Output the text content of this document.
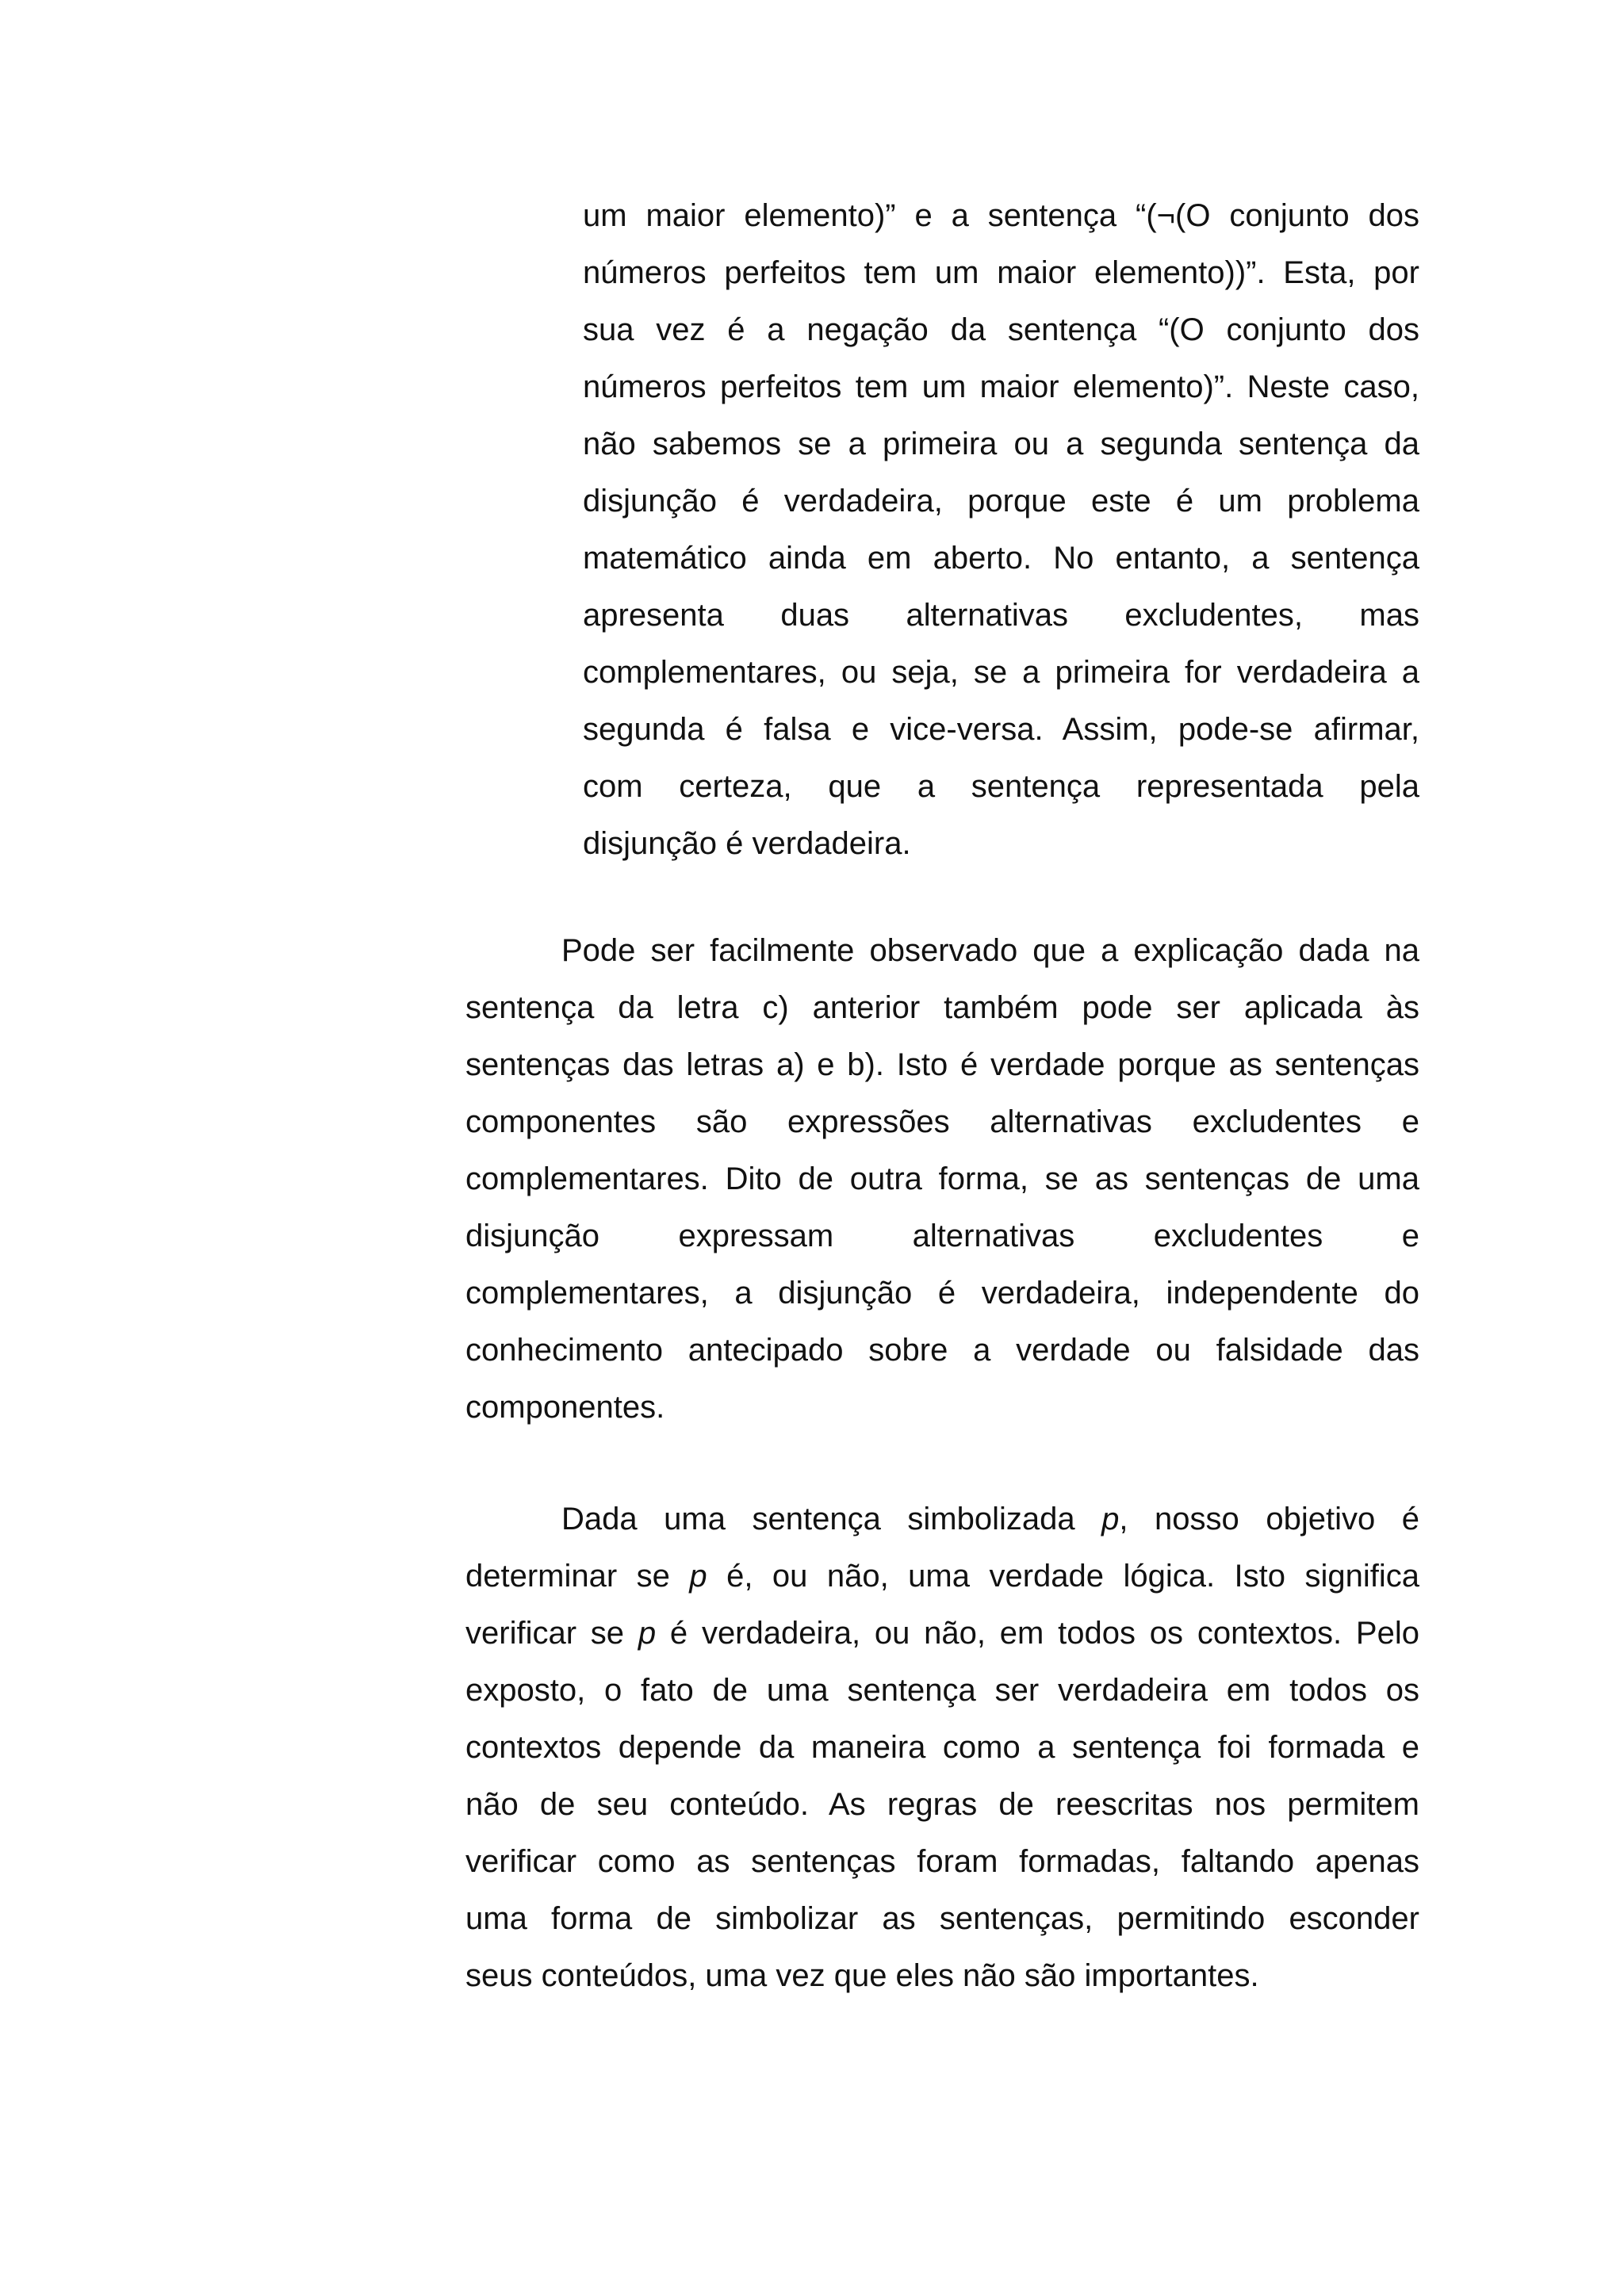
um maior elemento)” e a sentença “(¬(O conjunto dos
números perfeitos tem um maior elemento))”. Esta, por
sua vez é a negação da sentença “(O conjunto dos
números perfeitos tem um maior elemento)”. Neste caso,
não sabemos se a primeira ou a segunda sentença da
disjunção é verdadeira, porque este é um problema
matemático ainda em aberto. No entanto, a sentença
apresenta duas alternativas excludentes, mas
complementares, ou seja, se a primeira for verdadeira a
segunda é falsa e vice-versa. Assim, pode-se afirmar,
com certeza, que a sentença representada pela
disjunção é verdadeira.
Pode ser facilmente observado que a explicação dada na
sentença da letra c) anterior também pode ser aplicada às
sentenças das letras a) e b). Isto é verdade porque as sentenças
componentes são expressões alternativas excludentes e
complementares. Dito de outra forma, se as sentenças de uma
disjunção expressam alternativas excludentes e
complementares, a disjunção é verdadeira, independente do
conhecimento antecipado sobre a verdade ou falsidade das
componentes.
Dada uma sentença simbolizada p, nosso objetivo é
determinar se p é, ou não, uma verdade lógica. Isto significa
verificar se p é verdadeira, ou não, em todos os contextos. Pelo
exposto, o fato de uma sentença ser verdadeira em todos os
contextos depende da maneira como a sentença foi formada e
não de seu conteúdo. As regras de reescritas nos permitem
verificar como as sentenças foram formadas, faltando apenas
uma forma de simbolizar as sentenças, permitindo esconder
seus conteúdos, uma vez que eles não são importantes.
